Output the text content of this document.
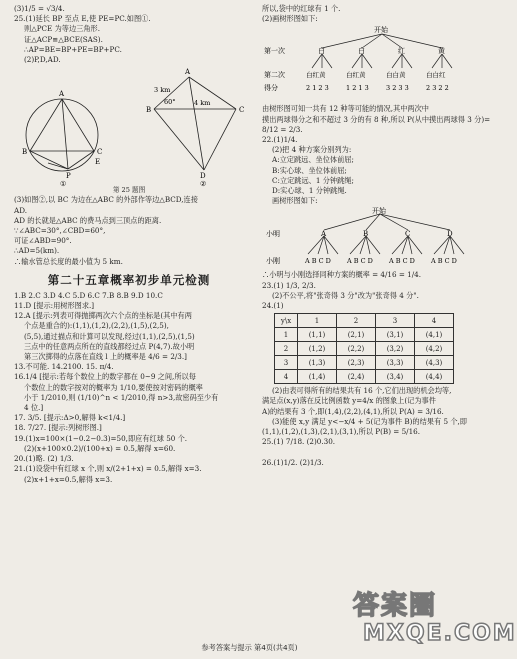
(3)1/5 = √3/4.
25.(1)延长 BP 至点 E,使 PE=PC.如图①.
则△PCE 为等边三角形.
证△ACP≌△BCE(SAS).
∴AP=BE=BP+PE=BP+PC.
(2)P,D,AD.
A
B	C
E
P
①
A
B	C
D
3 km
4 km
60°
②
第 25 题图
(3)如图②,以 BC 为边在△ABC 的外部作等边△BCD,连接
AD.
AD 的长就是△ABC 的费马点到三顶点的距离.
∵∠ABC=30°,∠CBD=60°,
可证∠ABD=90°.
∴AD=5(km).
∴输水管总长度的最小值为 5 km.
第二十五章概率初步单元检测
1.B 2.C 3.D 4.C 5.D 6.C 7.B 8.B 9.D 10.C
11.D [提示:用树形图求.]
12.A [提示:列表可得抛掷两次六个点的坐标是(其中有两
个点是重合的):(1,1),(1,2),(2,2),(1,5),(2,5),
(5,5),通过描点和计算可以发现,经过(1,1),(2,5),(1,5)
三点中的任意两点所在的直线都经过点 P(4,7).故小明
第三次掷得的点落在直线 l 上的概率是 4/6 = 2/3.]
13.不可能. 14.2100. 15. π/4.
16.1/4 [提示:若每个数位上的数字都在 0~9 之间,所以每
个数位上的数字按对的概率为 1/10,要使按对密码的概率
小于 1/2010,则 (1/10)^n < 1/2010,得 n>3,故密码至少有
4 位.]
17. 3/5. [提示:Δ>0,解得 k<1/4.]
18. 7/27. [提示:列树形图.]
19.(1)x=100×(1−0.2−0.3)=50,即应有红球 50 个.
(2)(x+100×0.2)/(100+x) = 0.5,解得 x=60.
20.(1)略. (2) 1/3.
21.(1)设袋中有红球 x 个,则 x/(2+1+x) = 0.5,解得 x=3.
(2)x+1+x=0.5,解得 x=3.
所以,袋中的红球有 1 个.
(2)画树形图如下:
开始
第一次	白	白	红	黄
第二次	白红黄	白红黄	白白黄	白白红
得分	2 1 2 3	1 2 1 3	3 2 3 3	2 3 2 2
由树形图可知一共有 12 种等可能的情况,其中两次中
摸出两球得分之和不超过 3 分的有 8 种,所以 P(从中摸出两球得 3 分)=
8/12 = 2/3.
22.(1)1/4.
(2)把 4 种方案分别列为:
A:立定跳远、坐位体前屈;
B:实心球、坐位体前屈;
C:立定跳远、1 分钟跳绳;
D:实心球、1 分钟跳绳.
画树形图如下:
开始
小明	A	B	C	D
小刚	A B C D A B C D A B C D A B C D
∴小明与小刚选择同种方案的概率 = 4/16 = 1/4.
23.(1) 1/3, 2/3.
(2)不公平,将"张奇得 3 分"改为"张奇得 4 分".
24.(1)
y\x	1	2	3	4
1	(1,1)	(2,1)	(3,1)	(4,1)
2	(1,2)	(2,2)	(3,2)	(4,2)
3	(1,3)	(2,3)	(3,3)	(4,3)
4	(1,4)	(2,4)	(3,4)	(4,4)
(2)由表可得所有的结果共有 16 个,它们出现的机会均等,
满足点(x,y)落在反比例函数 y=4/x 的图象上(记为事件
A)的结果有 3 个,即(1,4),(2,2),(4,1),所以 P(A) = 3/16.
(3)能使 x,y 满足 y<−x/4 + 5(记为事件 B)的结果有 5 个,即
(1,1),(1,2),(1,3),(2,1),(3,1),所以 P(B) = 5/16.
25.(1) 7/18. (2)0.30.

26.(1)1/2. (2)1/3.
答案圈
MXQE.COM
参考答案与提示 第4页(共4页)
